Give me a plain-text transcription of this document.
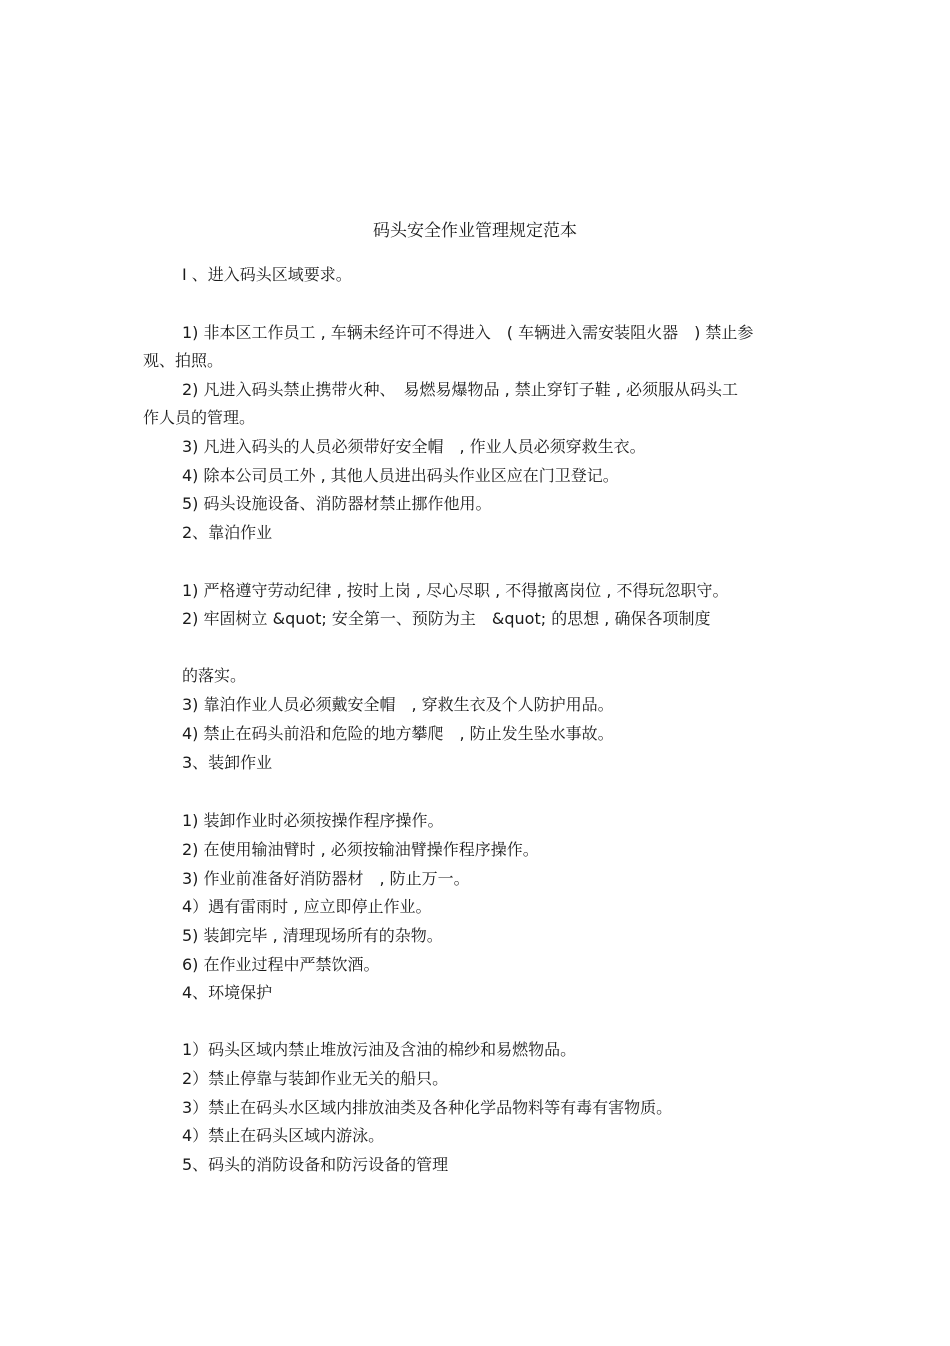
码头安全作业管理规定范本
I 、进入码头区域要求。
1) 非本区工作员工 , 车辆未经许可不得进入　( 车辆进入需安装阻火器　) 禁止参
观、拍照。
2) 凡进入码头禁止携带火种、　易燃易爆物品 , 禁止穿钉子鞋 , 必须服从码头工
作人员的管理。
3) 凡进入码头的人员必须带好安全帽　, 作业人员必须穿救生衣。
4) 除本公司员工外 , 其他人员进出码头作业区应在门卫登记。
5) 码头设施设备、消防器材禁止挪作他用。
2、靠泊作业
1) 严格遵守劳动纪律 , 按时上岗 , 尽心尽职 , 不得撤离岗位 , 不得玩忽职守。
2) 牢固树立 &quot; 安全第一、预防为主　&quot; 的思想 , 确保各项制度
的落实。
3) 靠泊作业人员必须戴安全帽　, 穿救生衣及个人防护用品。
4) 禁止在码头前沿和危险的地方攀爬　, 防止发生坠水事故。
3、装卸作业
1) 装卸作业时必须按操作程序操作。
2) 在使用输油臂时 , 必须按输油臂操作程序操作。
3) 作业前准备好消防器材　, 防止万一。
4）遇有雷雨时 , 应立即停止作业。
5) 装卸完毕 , 清理现场所有的杂物。
6) 在作业过程中严禁饮酒。
4、环境保护
1）码头区域内禁止堆放污油及含油的棉纱和易燃物品。
2）禁止停靠与装卸作业无关的船只。
3）禁止在码头水区域内排放油类及各种化学品物料等有毒有害物质。
4）禁止在码头区域内游泳。
5、码头的消防设备和防污设备的管理
